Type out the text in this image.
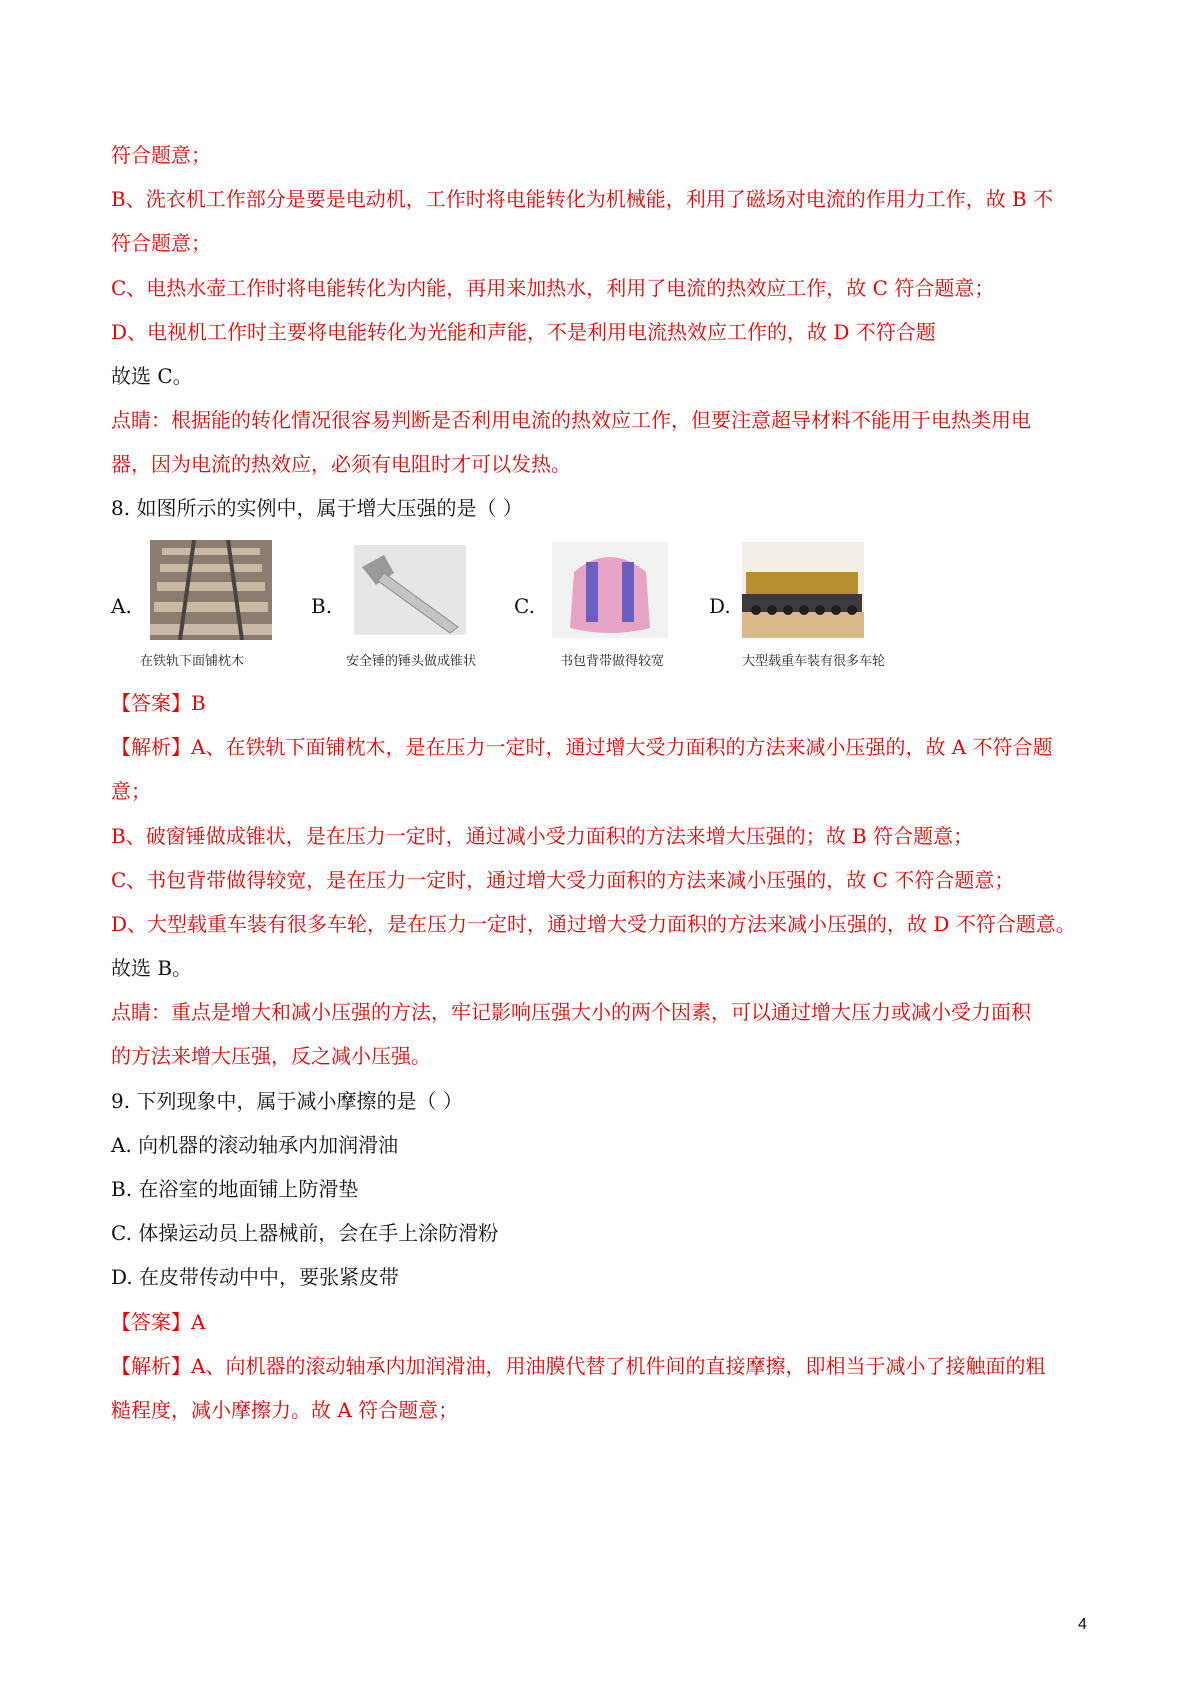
符合题意；
B、洗衣机工作部分是要是电动机，工作时将电能转化为机械能，利用了磁场对电流的作用力工作，故 B 不
符合题意；
C、电热水壶工作时将电能转化为内能，再用来加热水，利用了电流的热效应工作，故 C 符合题意；
D、电视机工作时主要将电能转化为光能和声能，不是利用电流热效应工作的，故 D 不符合题
故选 C。
点睛：根据能的转化情况很容易判断是否利用电流的热效应工作，但要注意超导材料不能用于电热类用电
器，因为电流的热效应，必须有电阻时才可以发热。
8. 如图所示的实例中，属于增大压强的是（ ）
A.
在铁轨下面铺枕木
B.
安全锤的锤头做成锥状
C.
书包背带做得较宽
D.
大型载重车装有很多车轮
【答案】B
【解析】A、在铁轨下面铺枕木，是在压力一定时，通过增大受力面积的方法来减小压强的，故 A 不符合题
意；
B、破窗锤做成锥状，是在压力一定时，通过减小受力面积的方法来增大压强的；故 B 符合题意；
C、书包背带做得较宽，是在压力一定时，通过增大受力面积的方法来减小压强的，故 C 不符合题意；
D、大型载重车装有很多车轮，是在压力一定时，通过增大受力面积的方法来减小压强的，故 D 不符合题意。
故选 B。
点睛：重点是增大和减小压强的方法，牢记影响压强大小的两个因素，可以通过增大压力或减小受力面积
的方法来增大压强，反之减小压强。
9. 下列现象中，属于减小摩擦的是（ ）
A. 向机器的滚动轴承内加润滑油
B. 在浴室的地面铺上防滑垫
C. 体操运动员上器械前，会在手上涂防滑粉
D. 在皮带传动中中，要张紧皮带
【答案】A
【解析】A、向机器的滚动轴承内加润滑油，用油膜代替了机件间的直接摩擦，即相当于减小了接触面的粗
糙程度，减小摩擦力。故 A 符合题意；
4
